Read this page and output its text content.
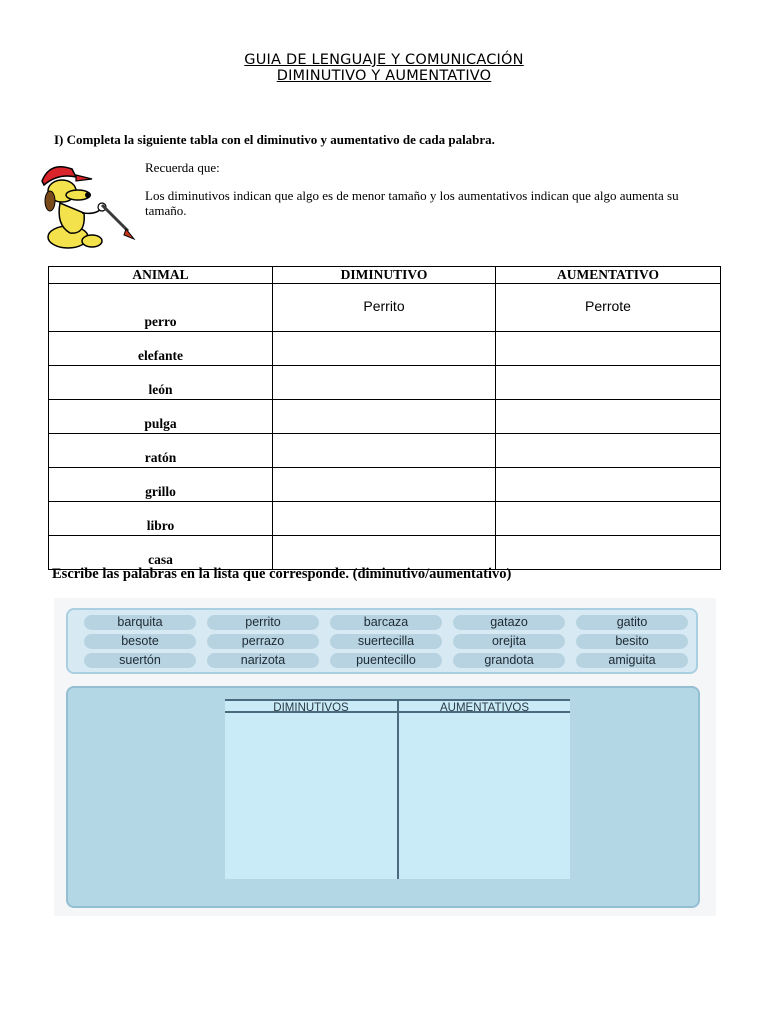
GUIA DE LENGUAJE Y COMUNICACIÓN
DIMINUTIVO Y AUMENTATIVO
I) Completa la siguiente tabla con el diminutivo y aumentativo de cada palabra.
Recuerda que:
Los diminutivos indican que algo es de menor tamaño y los aumentativos indican que algo aumenta su tamaño.
ANIMAL	DIMINUTIVO	AUMENTATIVO
perro	Perrito	Perrote
elefante		
león		
pulga		
ratón		
grillo		
libro		
casa		
Escribe las palabras en la lista que corresponde. (diminutivo/aumentativo)
barquita	perrito	barcaza	gatazo	gatito
besote	perrazo	suertecilla	orejita	besito
suertón	narizota	puentecillo	grandota	amiguita
DIMINUTIVOS	AUMENTATIVOS
